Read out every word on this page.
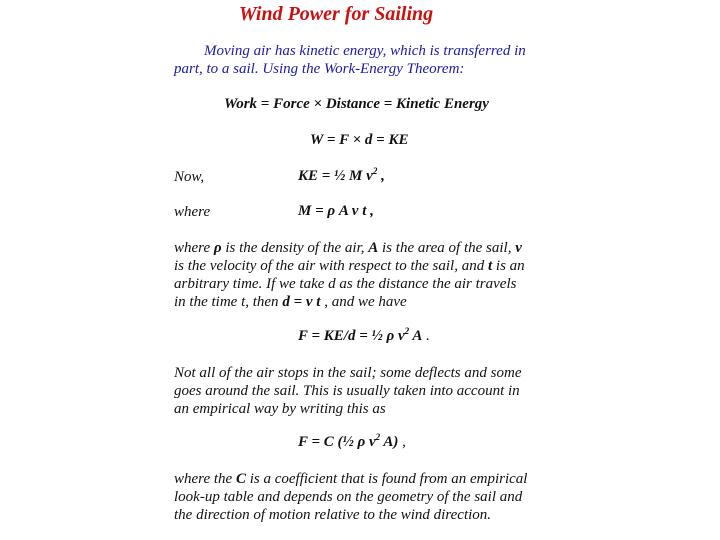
Wind Power for Sailing
Moving air has kinetic energy, which is transferred in
part, to a sail. Using the Work-Energy Theorem:
Work = Force × Distance = Kinetic Energy
W = F × d = KE
Now,	KE = ½ M $v^2$ ,
where	M = ρ A v t ,
where ρ is the density of the air, A is the area of the sail, v
is the velocity of the air with respect to the sail, and t is an
arbitrary time. If we take d as the distance the air travels
in the time t, then d = v t , and we have
F = KE/d = ½ ρ $v^2$ A .
Not all of the air stops in the sail; some deflects and some
goes around the sail. This is usually taken into account in
an empirical way by writing this as
F = C (½ ρ $v^2$ A) ,
where the C is a coefficient that is found from an empirical
look-up table and depends on the geometry of the sail and
the direction of motion relative to the wind direction.
